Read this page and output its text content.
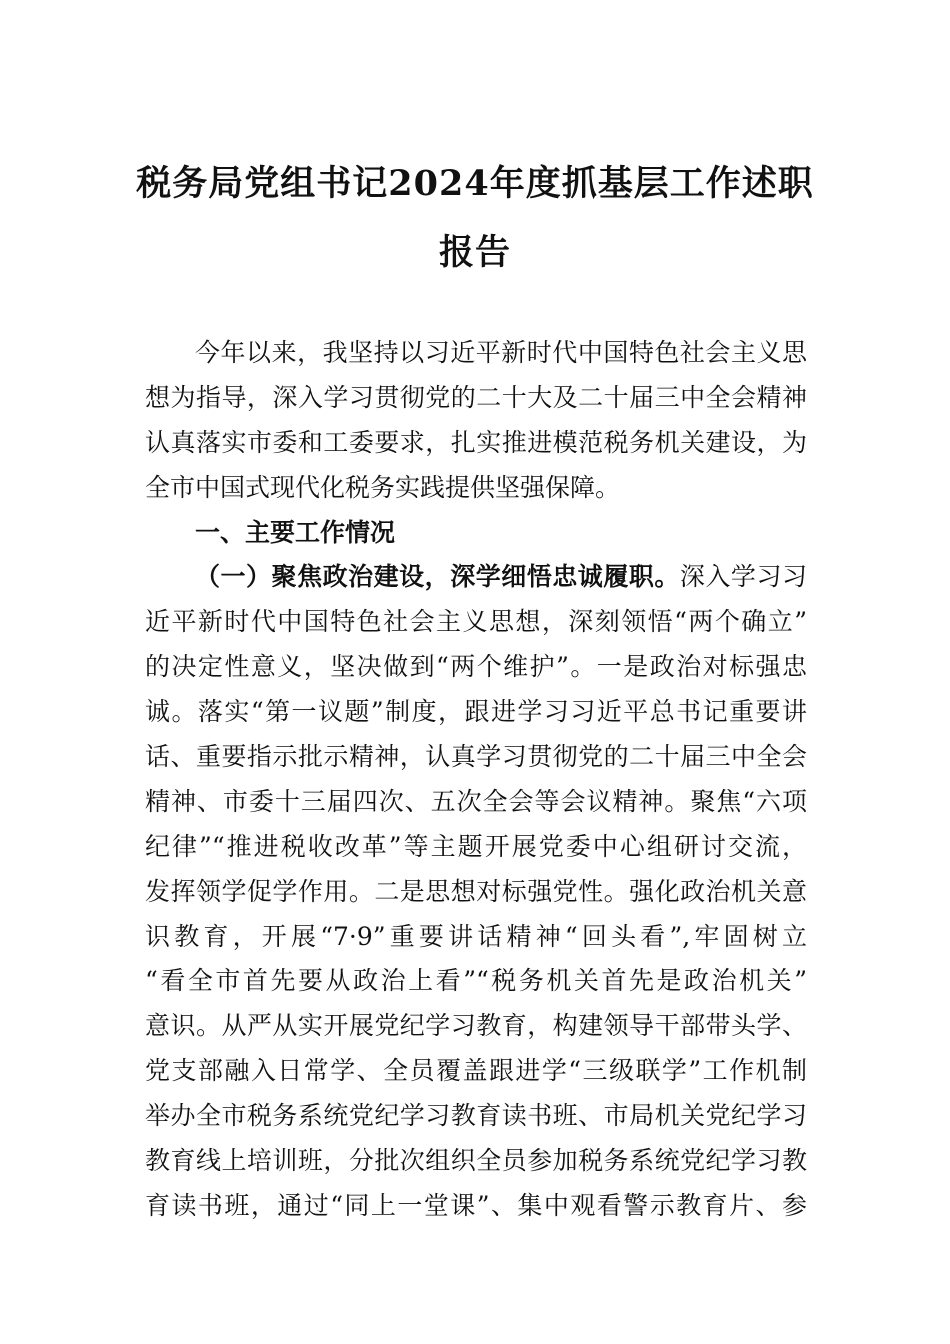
税务局党组书记2024年度抓基层工作述职
报告
今年以来，我坚持以习近平新时代中国特色社会主义思
想为指导，深入学习贯彻党的二十大及二十届三中全会精神
认真落实市委和工委要求，扎实推进模范税务机关建设，为
全市中国式现代化税务实践提供坚强保障。
一、主要工作情况
（一）聚焦政治建设，深学细悟忠诚履职。深入学习习
近平新时代中国特色社会主义思想，深刻领悟“两个确立”
的决定性意义，坚决做到“两个维护”。一是政治对标强忠
诚。落实“第一议题”制度，跟进学习习近平总书记重要讲
话、重要指示批示精神，认真学习贯彻党的二十届三中全会
精神、市委十三届四次、五次全会等会议精神。聚焦“六项
纪律”“推进税收改革”等主题开展党委中心组研讨交流，
发挥领学促学作用。二是思想对标强党性。强化政治机关意
识教育，开展“7·9”重要讲话精神“回头看”,牢固树立
“看全市首先要从政治上看”“税务机关首先是政治机关”
意识。从严从实开展党纪学习教育，构建领导干部带头学、
党支部融入日常学、全员覆盖跟进学“三级联学”工作机制
举办全市税务系统党纪学习教育读书班、市局机关党纪学习
教育线上培训班，分批次组织全员参加税务系统党纪学习教
育读书班，通过“同上一堂课”、集中观看警示教育片、参
